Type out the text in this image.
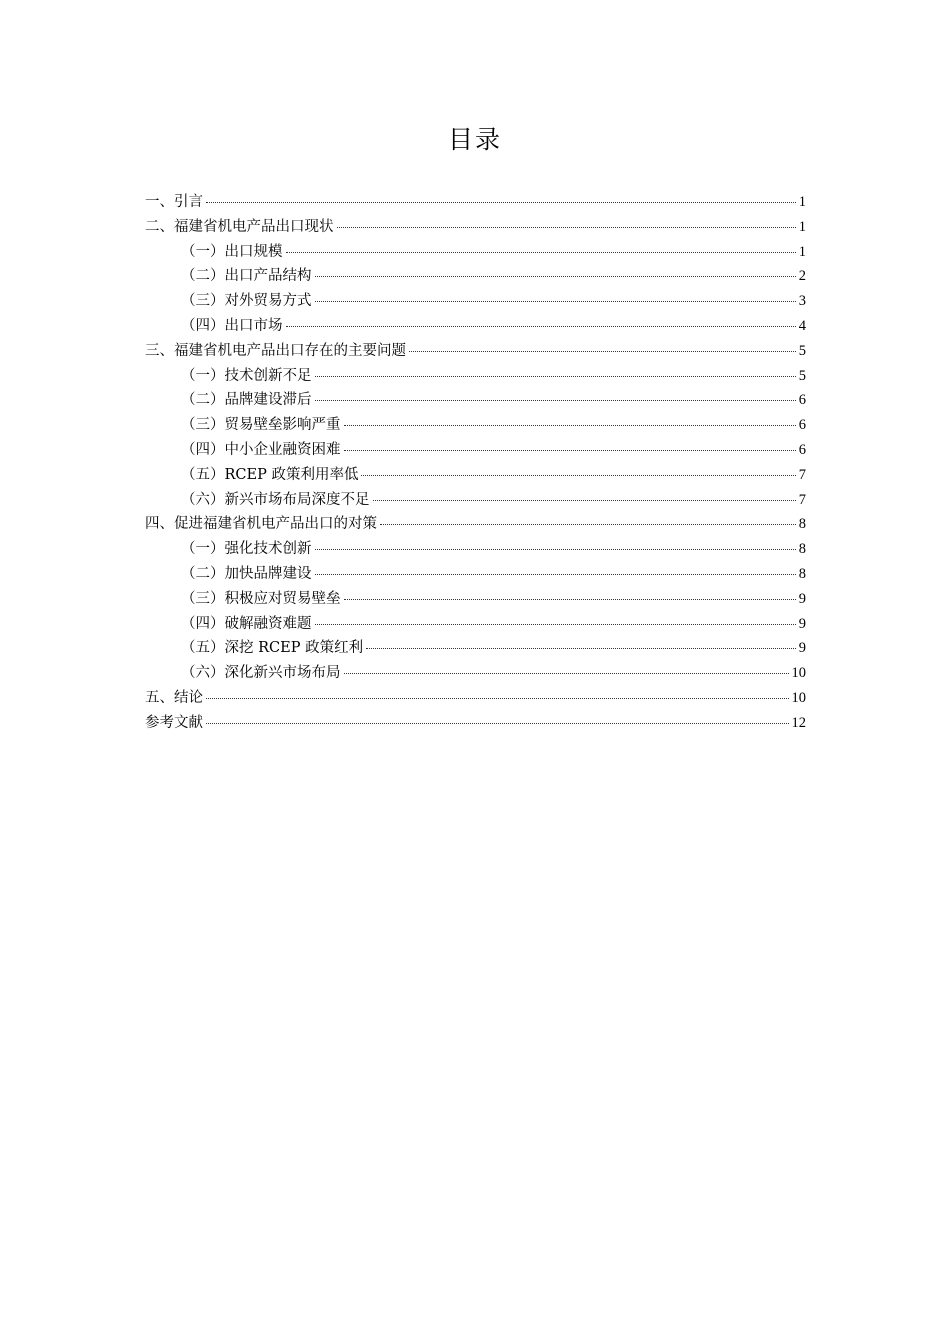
目录
一、引言	1
二、福建省机电产品出口现状	1
（一）出口规模	1
（二）出口产品结构	2
（三）对外贸易方式	3
（四）出口市场	4
三、福建省机电产品出口存在的主要问题	5
（一）技术创新不足	5
（二）品牌建设滞后	6
（三）贸易壁垒影响严重	6
（四）中小企业融资困难	6
（五）RCEP 政策利用率低	7
（六）新兴市场布局深度不足	7
四、促进福建省机电产品出口的对策	8
（一）强化技术创新	8
（二）加快品牌建设	8
（三）积极应对贸易壁垒	9
（四）破解融资难题	9
（五）深挖 RCEP 政策红利	9
（六）深化新兴市场布局	10
五、结论	10
参考文献	12
